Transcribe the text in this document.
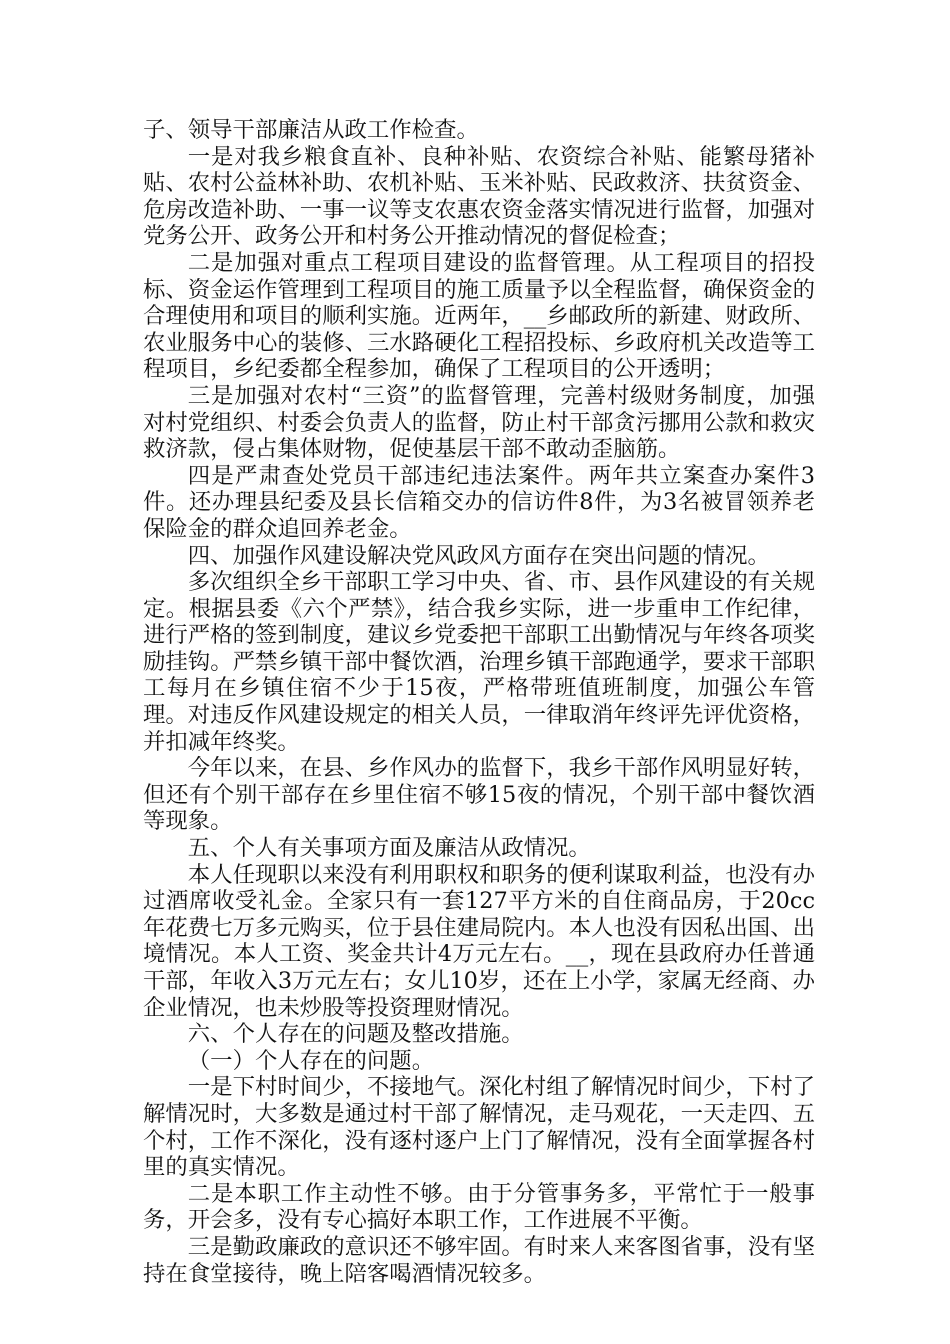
子、领导干部廉洁从政工作检查。

一是对我乡粮食直补、良种补贴、农资综合补贴、能繁母猪补贴、农村公益林补助、农机补贴、玉米补贴、民政救济、扶贫资金、危房改造补助、一事一议等支农惠农资金落实情况进行监督，加强对党务公开、政务公开和村务公开推动情况的督促检查；

二是加强对重点工程项目建设的监督管理。从工程项目的招投标、资金运作管理到工程项目的施工质量予以全程监督，确保资金的合理使用和项目的顺利实施。近两年，__乡邮政所的新建、财政所、农业服务中心的装修、三水路硬化工程招投标、乡政府机关改造等工程项目，乡纪委都全程参加，确保了工程项目的公开透明；

三是加强对农村“三资”的监督管理，完善村级财务制度，加强对村党组织、村委会负责人的监督，防止村干部贪污挪用公款和救灾救济款，侵占集体财物，促使基层干部不敢动歪脑筋。

四是严肃查处党员干部违纪违法案件。两年共立案查办案件3件。还办理县纪委及县长信箱交办的信访件8件，为3名被冒领养老保险金的群众追回养老金。

四、加强作风建设解决党风政风方面存在突出问题的情况。

多次组织全乡干部职工学习中央、省、市、县作风建设的有关规定。根据县委《六个严禁》，结合我乡实际，进一步重申工作纪律，进行严格的签到制度，建议乡党委把干部职工出勤情况与年终各项奖励挂钩。严禁乡镇干部中餐饮酒，治理乡镇干部跑通学，要求干部职工每月在乡镇住宿不少于15夜，严格带班值班制度，加强公车管理。对违反作风建设规定的相关人员，一律取消年终评先评优资格，并扣减年终奖。

今年以来，在县、乡作风办的监督下，我乡干部作风明显好转，但还有个别干部存在乡里住宿不够15夜的情况，个别干部中餐饮酒等现象。

五、个人有关事项方面及廉洁从政情况。

本人任现职以来没有利用职权和职务的便利谋取利益，也没有办过酒席收受礼金。全家只有一套127平方米的自住商品房，于20cc年花费七万多元购买，位于县住建局院内。本人也没有因私出国、出境情况。本人工资、奖金共计4万元左右。__，现在县政府办任普通干部，年收入3万元左右；女儿10岁，还在上小学，家属无经商、办企业情况，也未炒股等投资理财情况。

六、个人存在的问题及整改措施。

（一）个人存在的问题。

一是下村时间少，不接地气。深化村组了解情况时间少，下村了解情况时，大多数是通过村干部了解情况，走马观花，一天走四、五个村，工作不深化，没有逐村逐户上门了解情况，没有全面掌握各村里的真实情况。

二是本职工作主动性不够。由于分管事务多，平常忙于一般事务，开会多，没有专心搞好本职工作，工作进展不平衡。

三是勤政廉政的意识还不够牢固。有时来人来客图省事，没有坚持在食堂接待，晚上陪客喝酒情况较多。
